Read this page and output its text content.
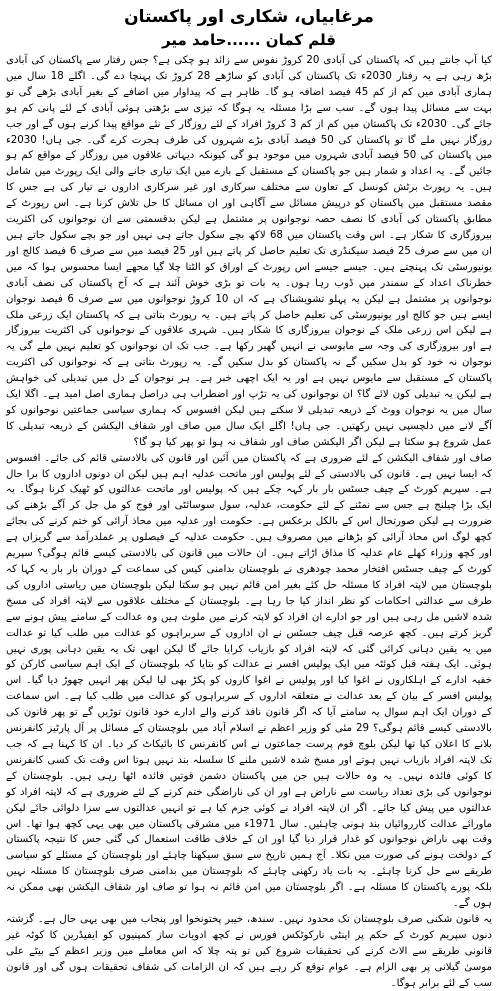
مرغابیاں، شکاری اور پاکستان
قلم کمان ......حامد میر

کیا آپ جانتے ہیں کہ پاکستان کی آبادی 20 کروڑ نفوس سے زائد ہو چکی ہے؟ جس رفتار سے پاکستان کی آبادی بڑھ رہی ہے یہ رفتار 2030ء تک پاکستان کی آبادی کو ساڑھے 28 کروڑ تک پہنچا دے گی۔ اگلے 18 سال میں ہماری آبادی میں کم از کم 45 فیصد اضافہ ہو گا۔ ظاہر ہے کہ پیداوار میں اضافے کے بغیر آبادی بڑھے گی تو بہت سے مسائل پیدا ہوں گے۔ سب سے بڑا مسئلہ یہ ہوگا کہ تیزی سے بڑھتی ہوئی آبادی کے لئے پانی کم ہو جائے گی۔ 2030ء تک پاکستان میں کم از کم 3 کروڑ افراد کے لئے روزگار کے نئے مواقع پیدا کرنے ہوں گے اور جب روزگار نہیں ملے گا تو پاکستان کی 50 فیصد آبادی بڑے شہروں کی طرف ہجرت کرے گی۔ جی ہاں! 2030ء میں پاکستان کی 50 فیصد آبادی شہروں میں موجود ہو گی کیونکہ دیہاتی علاقوں میں روزگار کے مواقع کم ہو جائیں گے۔ یہ اعداد و شمار ہیں جو پاکستان کے مستقبل کے بارے میں ایک تیاری جانے والی ایک رپورٹ میں شامل ہیں۔ یہ رپورٹ برٹش کونسل کے تعاون سے مختلف سرکاری اور غیر سرکاری اداروں نے تیار کی ہے جس کا مقصد مستقبل میں پاکستان کو درپیش مسائل سے آگاہی اور ان مسائل کا حل تلاش کرنا ہے۔ اس رپورٹ کے مطابق پاکستان کی آبادی کا نصف حصہ نوجوانوں پر مشتمل ہے لیکن بدقسمتی سے ان نوجوانوں کی اکثریت بیروزگاری کا شکار ہے۔ اس وقت پاکستان میں 68 لاکھ بچے سکول جاتے ہی نہیں اور جو بچے سکول جاتے ہیں ان میں سے صرف 25 فیصد سیکنڈری تک تعلیم حاصل کر پاتے ہیں اور 25 فیصد میں سے صرف 6 فیصد کالج اور یونیورسٹی تک پہنچتے ہیں۔ جیسے جیسے اس رپورٹ کے اوراق کو الٹتا چلا گیا مجھے ایسا محسوس ہوا کہ میں خطرناک اعداد کے سمندر میں ڈوب رہا ہوں۔ یہ بات تو بڑی خوش آئند ہے کہ آج پاکستان کی نصف آبادی نوجوانوں پر مشتمل ہے لیکن یہ پہلو تشویشناک ہے کہ ان 10 کروڑ نوجوانوں میں سے صرف 6 فیصد نوجوان ایسے ہیں جو کالج اور یونیورسٹی کی تعلیم حاصل کر پاتے ہیں۔ یہ رپورٹ بتاتی ہے کہ پاکستان ایک زرعی ملک ہے لیکن اس زرعی ملک کے نوجوان بیروزگاری کا شکار ہیں۔ شہری علاقوں کے نوجوانوں کی اکثریت بیروزگار ہے اور بیروزگاری کی وجہ سے مایوسی نے انہیں گھیر رکھا ہے۔ جب تک ان نوجوانوں کو تعلیم نہیں ملے گی یہ نوجوان نہ خود کو بدل سکیں گے نہ پاکستان کو بدل سکیں گے۔ یہ رپورٹ بتاتی ہے کہ نوجوانوں کی اکثریت پاکستان کے مستقبل سے مایوس نہیں ہے اور یہ ایک اچھی خبر ہے۔ ہر نوجوان کے دل میں تبدیلی کی خواہش ہے لیکن یہ تبدیلی کون لائے گا؟ ان نوجوانوں کی یہ تڑپ اور اضطراب ہی دراصل ہماری اصل امید ہے۔ اگلا ایک سال میں یہ نوجوان ووٹ کے ذریعہ تبدیلی لا سکتے ہیں لیکن افسوس کہ ہماری سیاسی جماعتیں نوجوانوں کو آگے لانے میں دلچسپی نہیں رکھتیں۔ جی ہاں! اگلے ایک سال میں صاف اور شفاف الیکشن کے ذریعہ تبدیلی کا عمل شروع ہو سکتا ہے لیکن اگر الیکشن صاف اور شفاف نہ ہوا تو پھر کیا ہو گا؟

صاف اور شفاف الیکشن کے لئے ضروری ہے کہ پاکستان میں آئین اور قانون کی بالادستی قائم کی جائے۔ افسوس کہ ایسا نہیں ہے۔ قانون کی بالادستی کے لئے پولیس اور ماتحت عدلیہ اہم ہیں لیکن ان دونوں اداروں کا برا حال ہے۔ سپریم کورٹ کے چیف جسٹس بار بار کہہ چکے ہیں کہ پولیس اور ماتحت عدالتوں کو ٹھیک کرنا ہوگا۔ یہ ایک بڑا چیلنج ہے جس سے نمٹنے کے لئے حکومت، عدلیہ، سول سوسائٹی اور فوج کو مل جل کر آگے بڑھنے کی ضرورت ہے لیکن صورتحال اس کے بالکل برعکس ہے۔ حکومت اور عدلیہ میں محاذ آرائی کو ختم کرنے کی بجائے کچھ لوگ اس محاذ آرائی کو بڑھانے میں مصروف ہیں۔ حکومت عدلیہ کے فیصلوں پر عملدرآمد سے گریزاں ہے اور کچھ وزراء کھلے عام عدلیہ کا مذاق اڑاتے ہیں۔ ان حالات میں قانون کی بالادستی کیسے قائم ہوگی؟ سپریم کورٹ کے چیف جسٹس افتخار محمد چودھری نے بلوچستان بدامنی کیس کی سماعت کے دوران بار بار یہ کہا کہ بلوچستان میں لاپتہ افراد کا مسئلہ حل کئے بغیر امن قائم نہیں ہو سکتا لیکن بلوچستان میں ریاستی اداروں کی طرف سے عدالتی احکامات کو نظر انداز کیا جا رہا ہے۔ بلوچستان کے مختلف علاقوں سے لاپتہ افراد کی مسخ شدہ لاشیں مل رہی ہیں اور جو ادارے ان افراد کو لاپتہ کرنے میں ملوث ہیں وہ عدالت کے سامنے پیش ہونے سے گریز کرتے ہیں۔ کچھ عرصہ قبل چیف جسٹس نے ان اداروں کے سربراہوں کو عدالت میں طلب کیا تو عدالت میں یہ یقین دہانی کرائی گئی کہ لاپتہ افراد کو بازیاب کرایا جائے گا لیکن ابھی تک یہ یقین دہانی پوری نہیں ہوئی۔ ایک ہفتہ قبل کوئٹہ میں ایک پولیس افسر نے عدالت کو بتایا کہ بلوچستان کے ایک اہم سیاسی کارکن کو خفیہ ادارے کے اہلکاروں نے اغوا کیا اور پولیس نے اغوا کاروں کو پکڑ بھی لیا لیکن پھر انہیں چھوڑ دیا گیا۔ اس پولیس افسر کے بیان کے بعد عدالت نے متعلقہ اداروں کے سربراہوں کو عدالت میں طلب کیا ہے۔ اس سماعت کے دوران ایک اہم سوال یہ سامنے آیا کہ اگر قانون نافذ کرنے والے ادارے خود قانون توڑیں گے تو پھر قانون کی بالادستی کیسے قائم ہوگی؟ 29 مئی کو وزیر اعظم نے اسلام آباد میں بلوچستان کے مسائل پر آل پارٹیز کانفرنس بلانے کا اعلان کیا تھا لیکن بلوچ قوم پرست جماعتوں نے اس کانفرنس کا بائیکاٹ کر دیا۔ ان کا کہنا ہے کہ جب تک لاپتہ افراد بازیاب نہیں ہوتے اور مسخ شدہ لاشیں ملنے کا سلسلہ بند نہیں ہوتا اس وقت تک کسی کانفرنس کا کوئی فائدہ نہیں۔ یہ وہ حالات ہیں جن میں پاکستان دشمن قوتیں فائدہ اٹھا رہی ہیں۔ بلوچستان کے نوجوانوں کی بڑی تعداد ریاست سے ناراض ہے اور ان کی ناراضگی ختم کرنے کے لئے ضروری ہے کہ لاپتہ افراد کو عدالتوں میں پیش کیا جائے۔ اگر ان لاپتہ افراد نے کوئی جرم کیا ہے تو انہیں عدالتوں سے سزا دلوائی جائے لیکن ماورائے عدالت کارروائیاں بند ہونی چاہئیں۔ سال 1971ء میں مشرقی پاکستان میں بھی یہی کچھ ہوا تھا۔ اس وقت بھی ناراض نوجوانوں کو غدار قرار دیا گیا اور ان کے خلاف طاقت استعمال کی گئی جس کا نتیجہ پاکستان کے دولخت ہونے کی صورت میں نکلا۔ آج ہمیں تاریخ سے سبق سیکھنا چاہئے اور بلوچستان کے مسئلے کو سیاسی طریقے سے حل کرنا چاہئے۔ یہ بات یاد رکھنی چاہئے کہ بلوچستان میں بدامنی صرف بلوچستان کا مسئلہ نہیں بلکہ پورے پاکستان کا مسئلہ ہے۔ اگر بلوچستان میں امن قائم نہ ہوا تو صاف اور شفاف الیکشن بھی ممکن نہ ہوں گے۔

یہ قانون شکنی صرف بلوچستان تک محدود نہیں۔ سندھ، خیبر پختونخوا اور پنجاب میں بھی یہی حال ہے۔ گزشتہ دنوں سپریم کورٹ کے حکم پر اینٹی نارکوٹکس فورس نے کچھ ادویات ساز کمپنیوں کو ایفیڈرین کا کوٹہ غیر قانونی طریقے سے الاٹ کرنے کی تحقیقات شروع کیں تو پتہ چلا کہ اس معاملے میں وزیر اعظم کے بیٹے علی موسیٰ گیلانی پر بھی الزام ہے۔ عوام توقع کر رہے ہیں کہ ان الزامات کی شفاف تحقیقات ہوں گی اور قانون سب کے لئے برابر ہوگا۔
